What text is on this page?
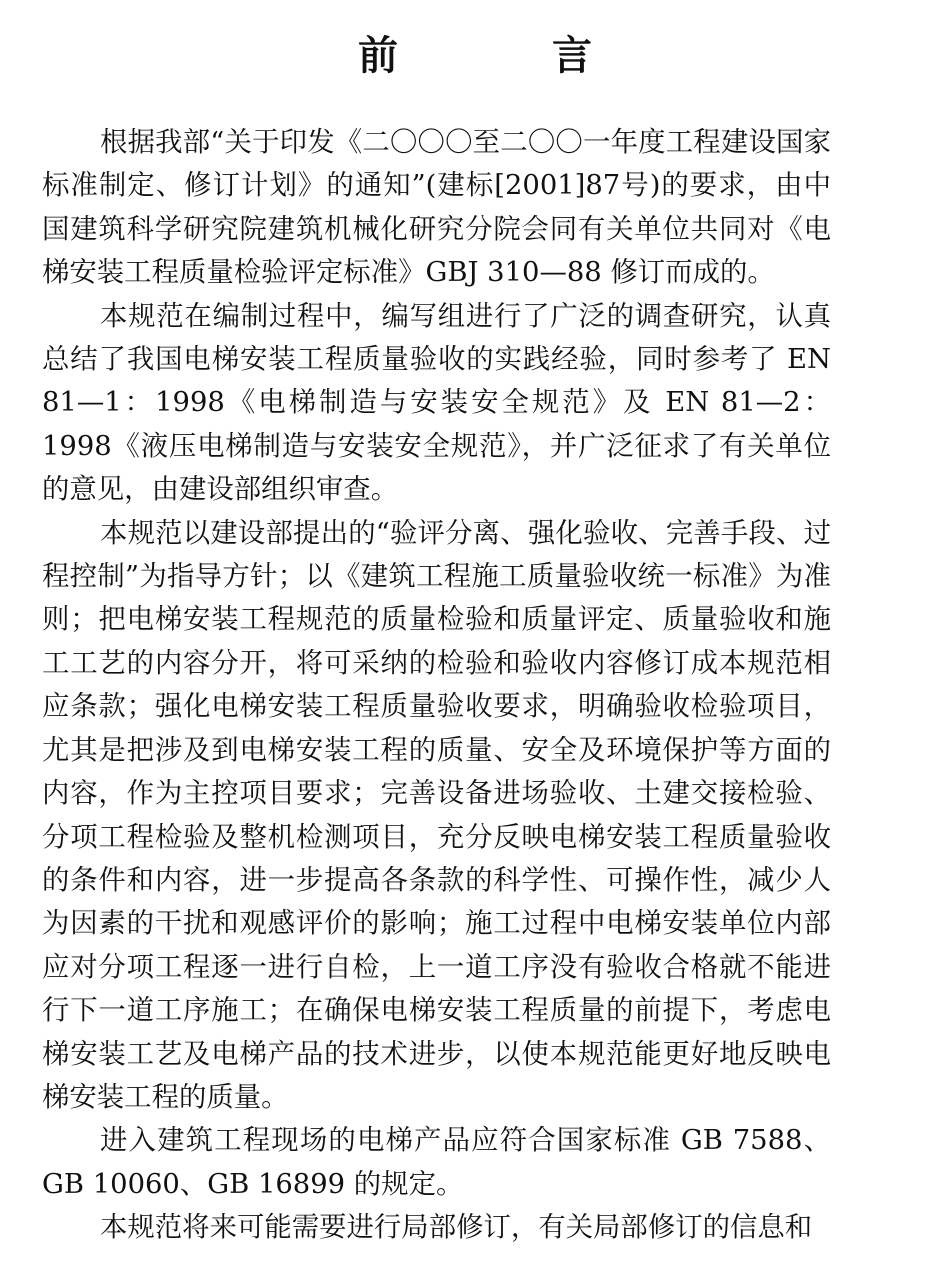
前 言

根据我部“关于印发《二〇〇〇至二〇〇一年度工程建设国家标准制定、修订计划》的通知”(建标[2001]87号)的要求，由中国建筑科学研究院建筑机械化研究分院会同有关单位共同对《电梯安装工程质量检验评定标准》GBJ 310—88 修订而成的。

本规范在编制过程中，编写组进行了广泛的调查研究，认真总结了我国电梯安装工程质量验收的实践经验，同时参考了 EN 81—1：1998《电梯制造与安装安全规范》及 EN 81—2：1998《液压电梯制造与安装安全规范》，并广泛征求了有关单位的意见，由建设部组织审查。

本规范以建设部提出的“验评分离、强化验收、完善手段、过程控制”为指导方针；以《建筑工程施工质量验收统一标准》为准则；把电梯安装工程规范的质量检验和质量评定、质量验收和施工工艺的内容分开，将可采纳的检验和验收内容修订成本规范相应条款；强化电梯安装工程质量验收要求，明确验收检验项目，尤其是把涉及到电梯安装工程的质量、安全及环境保护等方面的内容，作为主控项目要求；完善设备进场验收、土建交接检验、分项工程检验及整机检测项目，充分反映电梯安装工程质量验收的条件和内容，进一步提高各条款的科学性、可操作性，减少人为因素的干扰和观感评价的影响；施工过程中电梯安装单位内部应对分项工程逐一进行自检，上一道工序没有验收合格就不能进行下一道工序施工；在确保电梯安装工程质量的前提下，考虑电梯安装工艺及电梯产品的技术进步，以使本规范能更好地反映电梯安装工程的质量。

进入建筑工程现场的电梯产品应符合国家标准 GB 7588、GB 10060、GB 16899 的规定。

本规范将来可能需要进行局部修订，有关局部修订的信息和
